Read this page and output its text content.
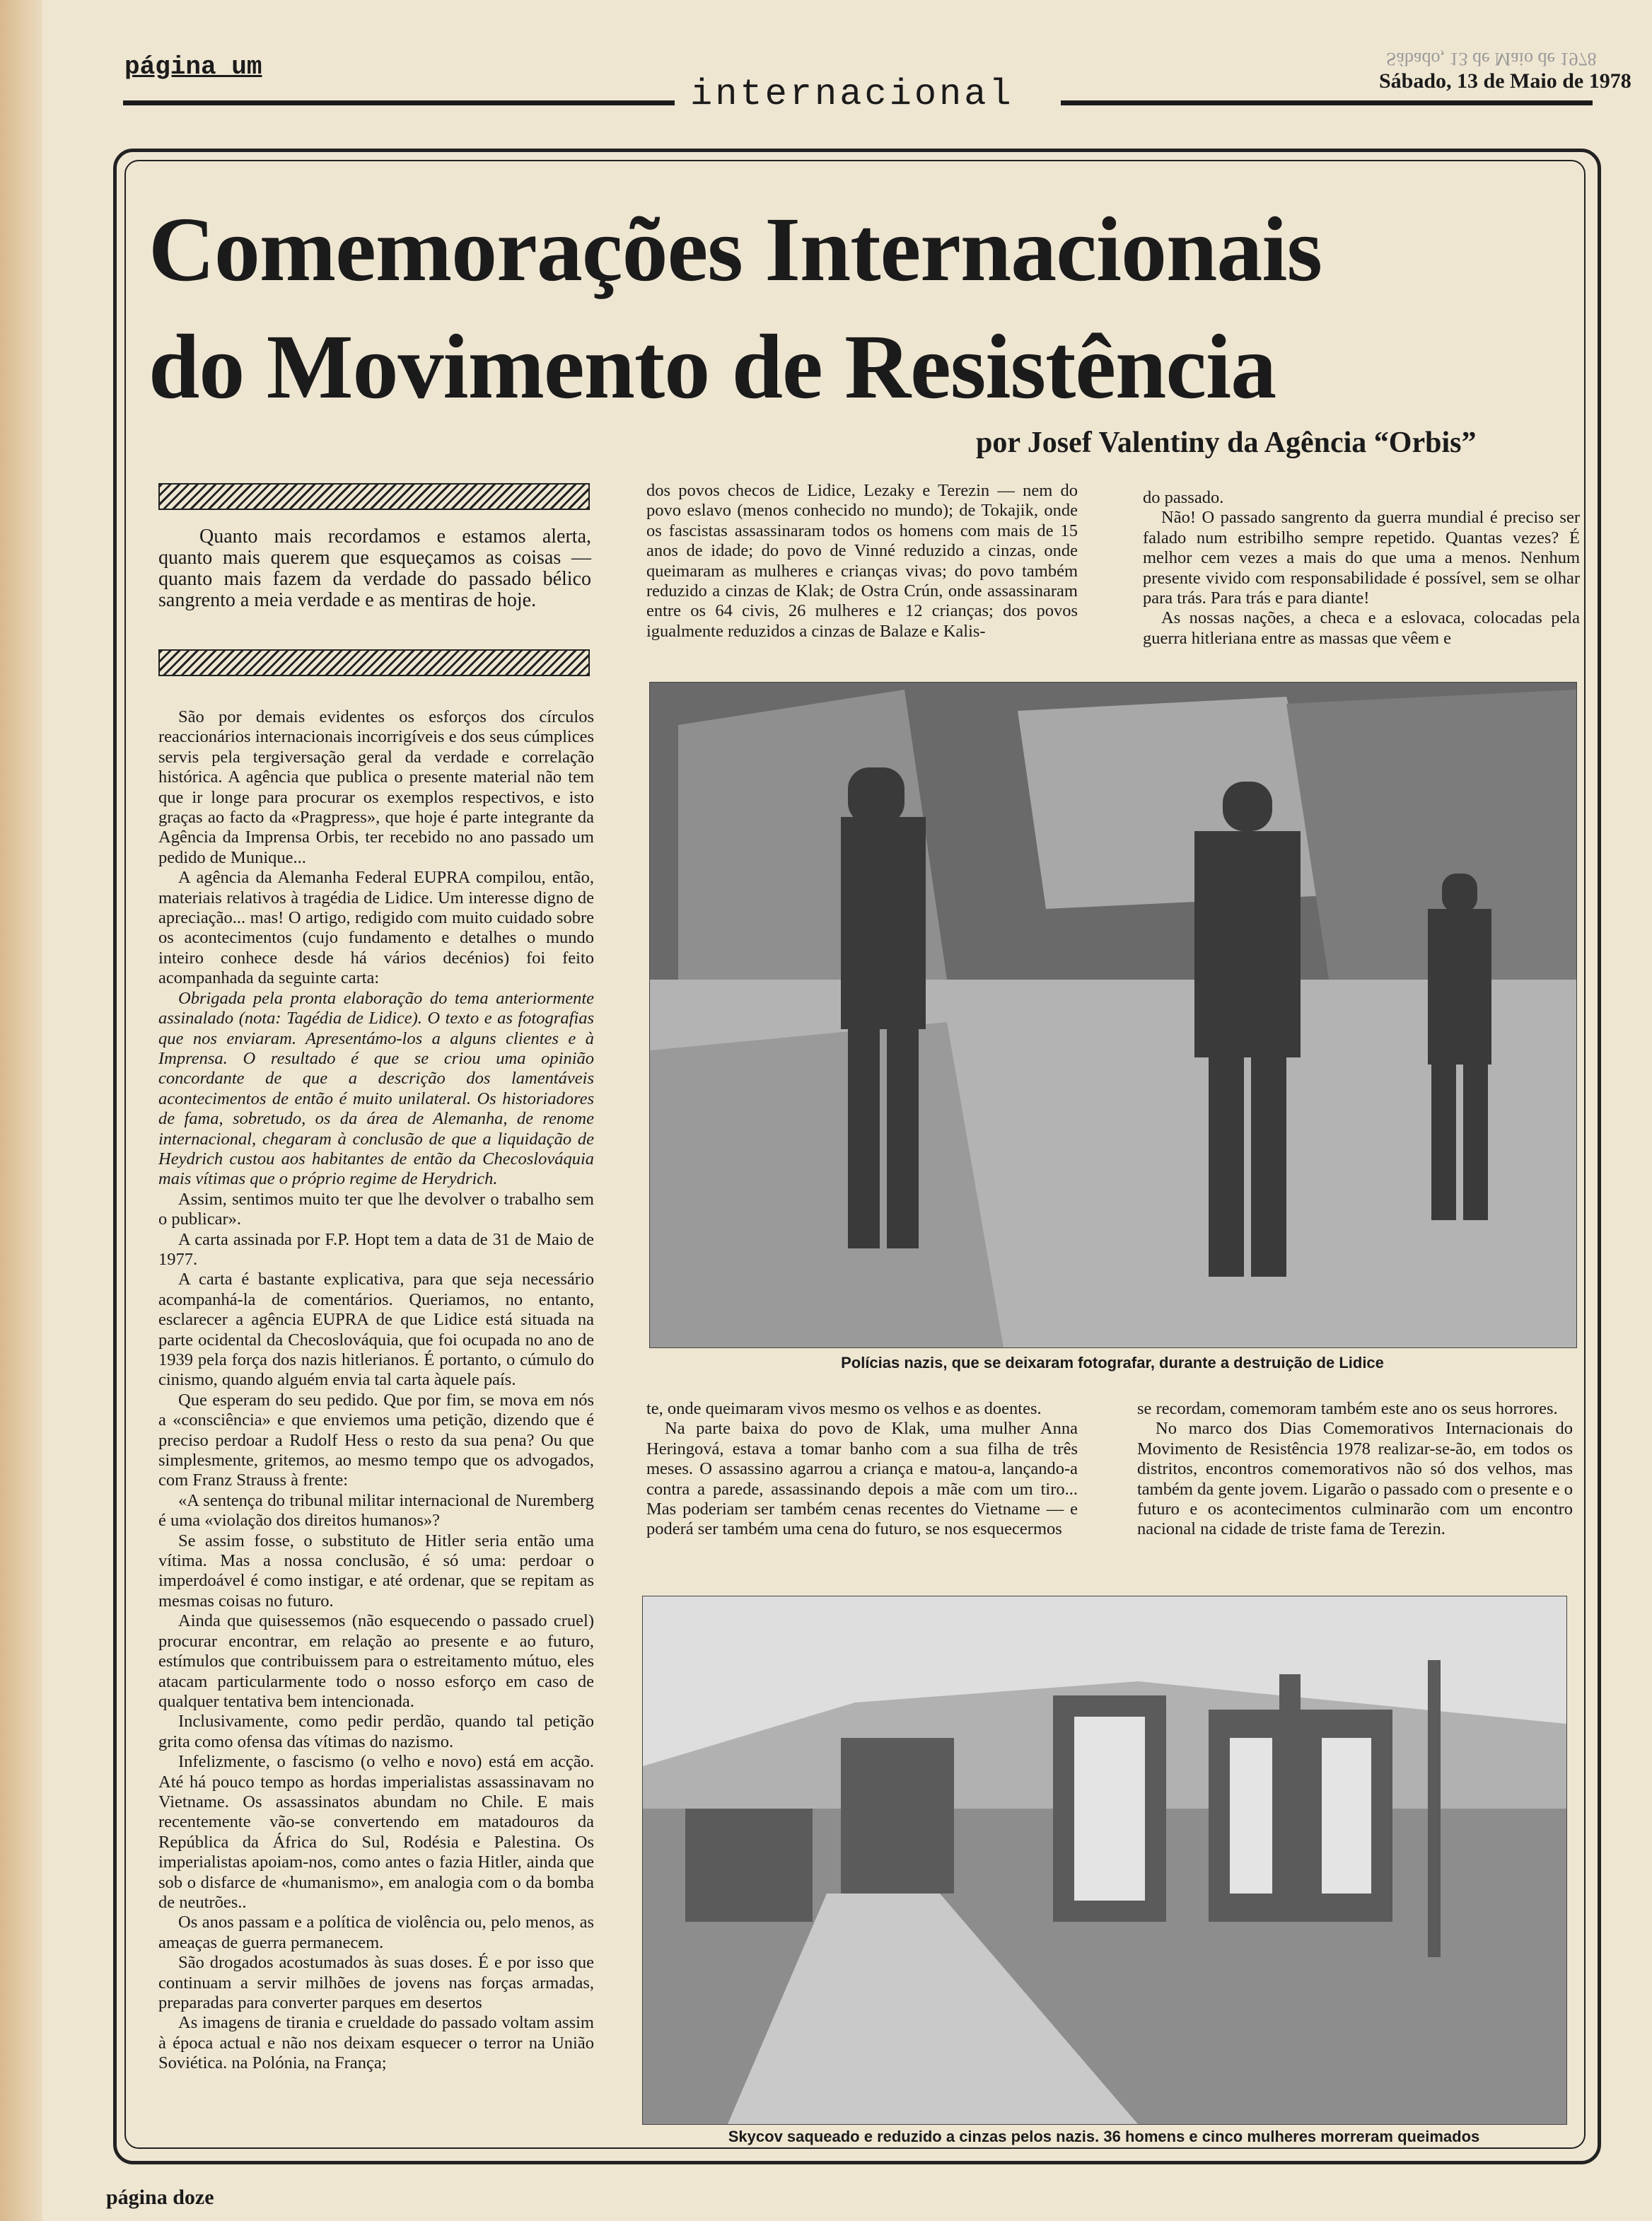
página um
internacional
Sábado, 13 de Maio de 1978
Sábado, 13 de Maio de 1978
Comemorações Internacionais
do Movimento de Resistência
por Josef Valentiny da Agência “Orbis”
Quanto mais recordamos e estamos alerta, quanto mais querem que esqueçamos as coisas — quanto mais fazem da verdade do passado bélico sangrento a meia verdade e as mentiras de hoje.

São por demais evidentes os esforços dos círculos reaccionários internacionais incorrigíveis e dos seus cúmplices servis pela tergiversação geral da verdade e correlação histórica. A agência que publica o presente material não tem que ir longe para procurar os exemplos respectivos, e isto graças ao facto da «Pragpress», que hoje é parte integrante da Agência da Imprensa Orbis, ter recebido no ano passado um pedido de Munique...

A agência da Alemanha Federal EUPRA compilou, então, materiais relativos à tragédia de Lidice. Um interesse digno de apreciação... mas! O artigo, redigido com muito cuidado sobre os acontecimentos (cujo fundamento e detalhes o mundo inteiro conhece desde há vários decénios) foi feito acompanhada da seguinte carta:

Obrigada pela pronta elaboração do tema anteriormente assinalado (nota: Tagédia de Lidice). O texto e as fotografias que nos enviaram. Apresentámo-los a alguns clientes e à Imprensa. O resultado é que se criou uma opinião concordante de que a descrição dos lamentáveis acontecimentos de então é muito unilateral. Os historiadores de fama, sobretudo, os da área de Alemanha, de renome internacional, chegaram à conclusão de que a liquidação de Heydrich custou aos habitantes de então da Checoslováquia mais vítimas que o próprio regime de Herydrich.

Assim, sentimos muito ter que lhe devolver o trabalho sem o publicar».

A carta assinada por F.P. Hopt tem a data de 31 de Maio de 1977.

A carta é bastante explicativa, para que seja necessário acompanhá-la de comentários. Queriamos, no entanto, esclarecer a agência EUPRA de que Lidice está situada na parte ocidental da Checoslováquia, que foi ocupada no ano de 1939 pela força dos nazis hitlerianos. É portanto, o cúmulo do cinismo, quando alguém envia tal carta àquele país.

Que esperam do seu pedido. Que por fim, se mova em nós a «consciência» e que enviemos uma petição, dizendo que é preciso perdoar a Rudolf Hess o resto da sua pena? Ou que simplesmente, gritemos, ao mesmo tempo que os advogados, com Franz Strauss à frente:

«A sentença do tribunal militar internacional de Nuremberg é uma «violação dos direitos humanos»?

Se assim fosse, o substituto de Hitler seria então uma vítima. Mas a nossa conclusão, é só uma: perdoar o imperdoável é como instigar, e até ordenar, que se repitam as mesmas coisas no futuro.

Ainda que quisessemos (não esquecendo o passado cruel) procurar encontrar, em relação ao presente e ao futuro, estímulos que contribuissem para o estreitamento mútuo, eles atacam particularmente todo o nosso esforço em caso de qualquer tentativa bem intencionada.

Inclusivamente, como pedir perdão, quando tal petição grita como ofensa das vítimas do nazismo.

Infelizmente, o fascismo (o velho e novo) está em acção. Até há pouco tempo as hordas imperialistas assassinavam no Vietname. Os assassinatos abundam no Chile. E mais recentemente vão-se convertendo em matadouros da República da África do Sul, Rodésia e Palestina. Os imperialistas apoiam-nos, como antes o fazia Hitler, ainda que sob o disfarce de «humanismo», em analogia com o da bomba de neutrões..

Os anos passam e a política de violência ou, pelo menos, as ameaças de guerra permanecem.

São drogados acostumados às suas doses. É e por isso que continuam a servir milhões de jovens nas forças armadas, preparadas para converter parques em desertos

As imagens de tirania e crueldade do passado voltam assim à época actual e não nos deixam esquecer o terror na União Soviética. na Polónia, na França;

dos povos checos de Lidice, Lezaky e Terezin — nem do povo eslavo (menos conhecido no mundo); de Tokajik, onde os fascistas assassinaram todos os homens com mais de 15 anos de idade; do povo de Vinné reduzido a cinzas, onde queimaram as mulheres e crianças vivas; do povo também reduzido a cinzas de Klak; de Ostra Crún, onde assassinaram entre os 64 civis, 26 mulheres e 12 crianças; dos povos igualmente reduzidos a cinzas de Balaze e Kalis-

do passado.

Não! O passado sangrento da guerra mundial é preciso ser falado num estribilho sempre repetido. Quantas vezes? É melhor cem vezes a mais do que uma a menos. Nenhum presente vivido com responsabilidade é possível, sem se olhar para trás. Para trás e para diante!

As nossas nações, a checa e a eslovaca, colocadas pela guerra hitleriana entre as massas que vêem e

Polícias nazis, que se deixaram fotografar, durante a destruição de Lidice

te, onde queimaram vivos mesmo os velhos e as doentes.

Na parte baixa do povo de Klak, uma mulher Anna Heringová, estava a tomar banho com a sua filha de três meses. O assassino agarrou a criança e matou-a, lançando-a contra a parede, assassinando depois a mãe com um tiro... Mas poderiam ser também cenas recentes do Vietname — e poderá ser também uma cena do futuro, se nos esquecermos

se recordam, comemoram também este ano os seus horrores.

No marco dos Dias Comemorativos Internacionais do Movimento de Resistência 1978 realizar-se-ão, em todos os distritos, encontros comemorativos não só dos velhos, mas também da gente jovem. Ligarão o passado com o presente e o futuro e os acontecimentos culminarão com um encontro nacional na cidade de triste fama de Terezin.

Skycov saqueado e reduzido a cinzas pelos nazis. 36 homens e cinco mulheres morreram queimados
página doze
